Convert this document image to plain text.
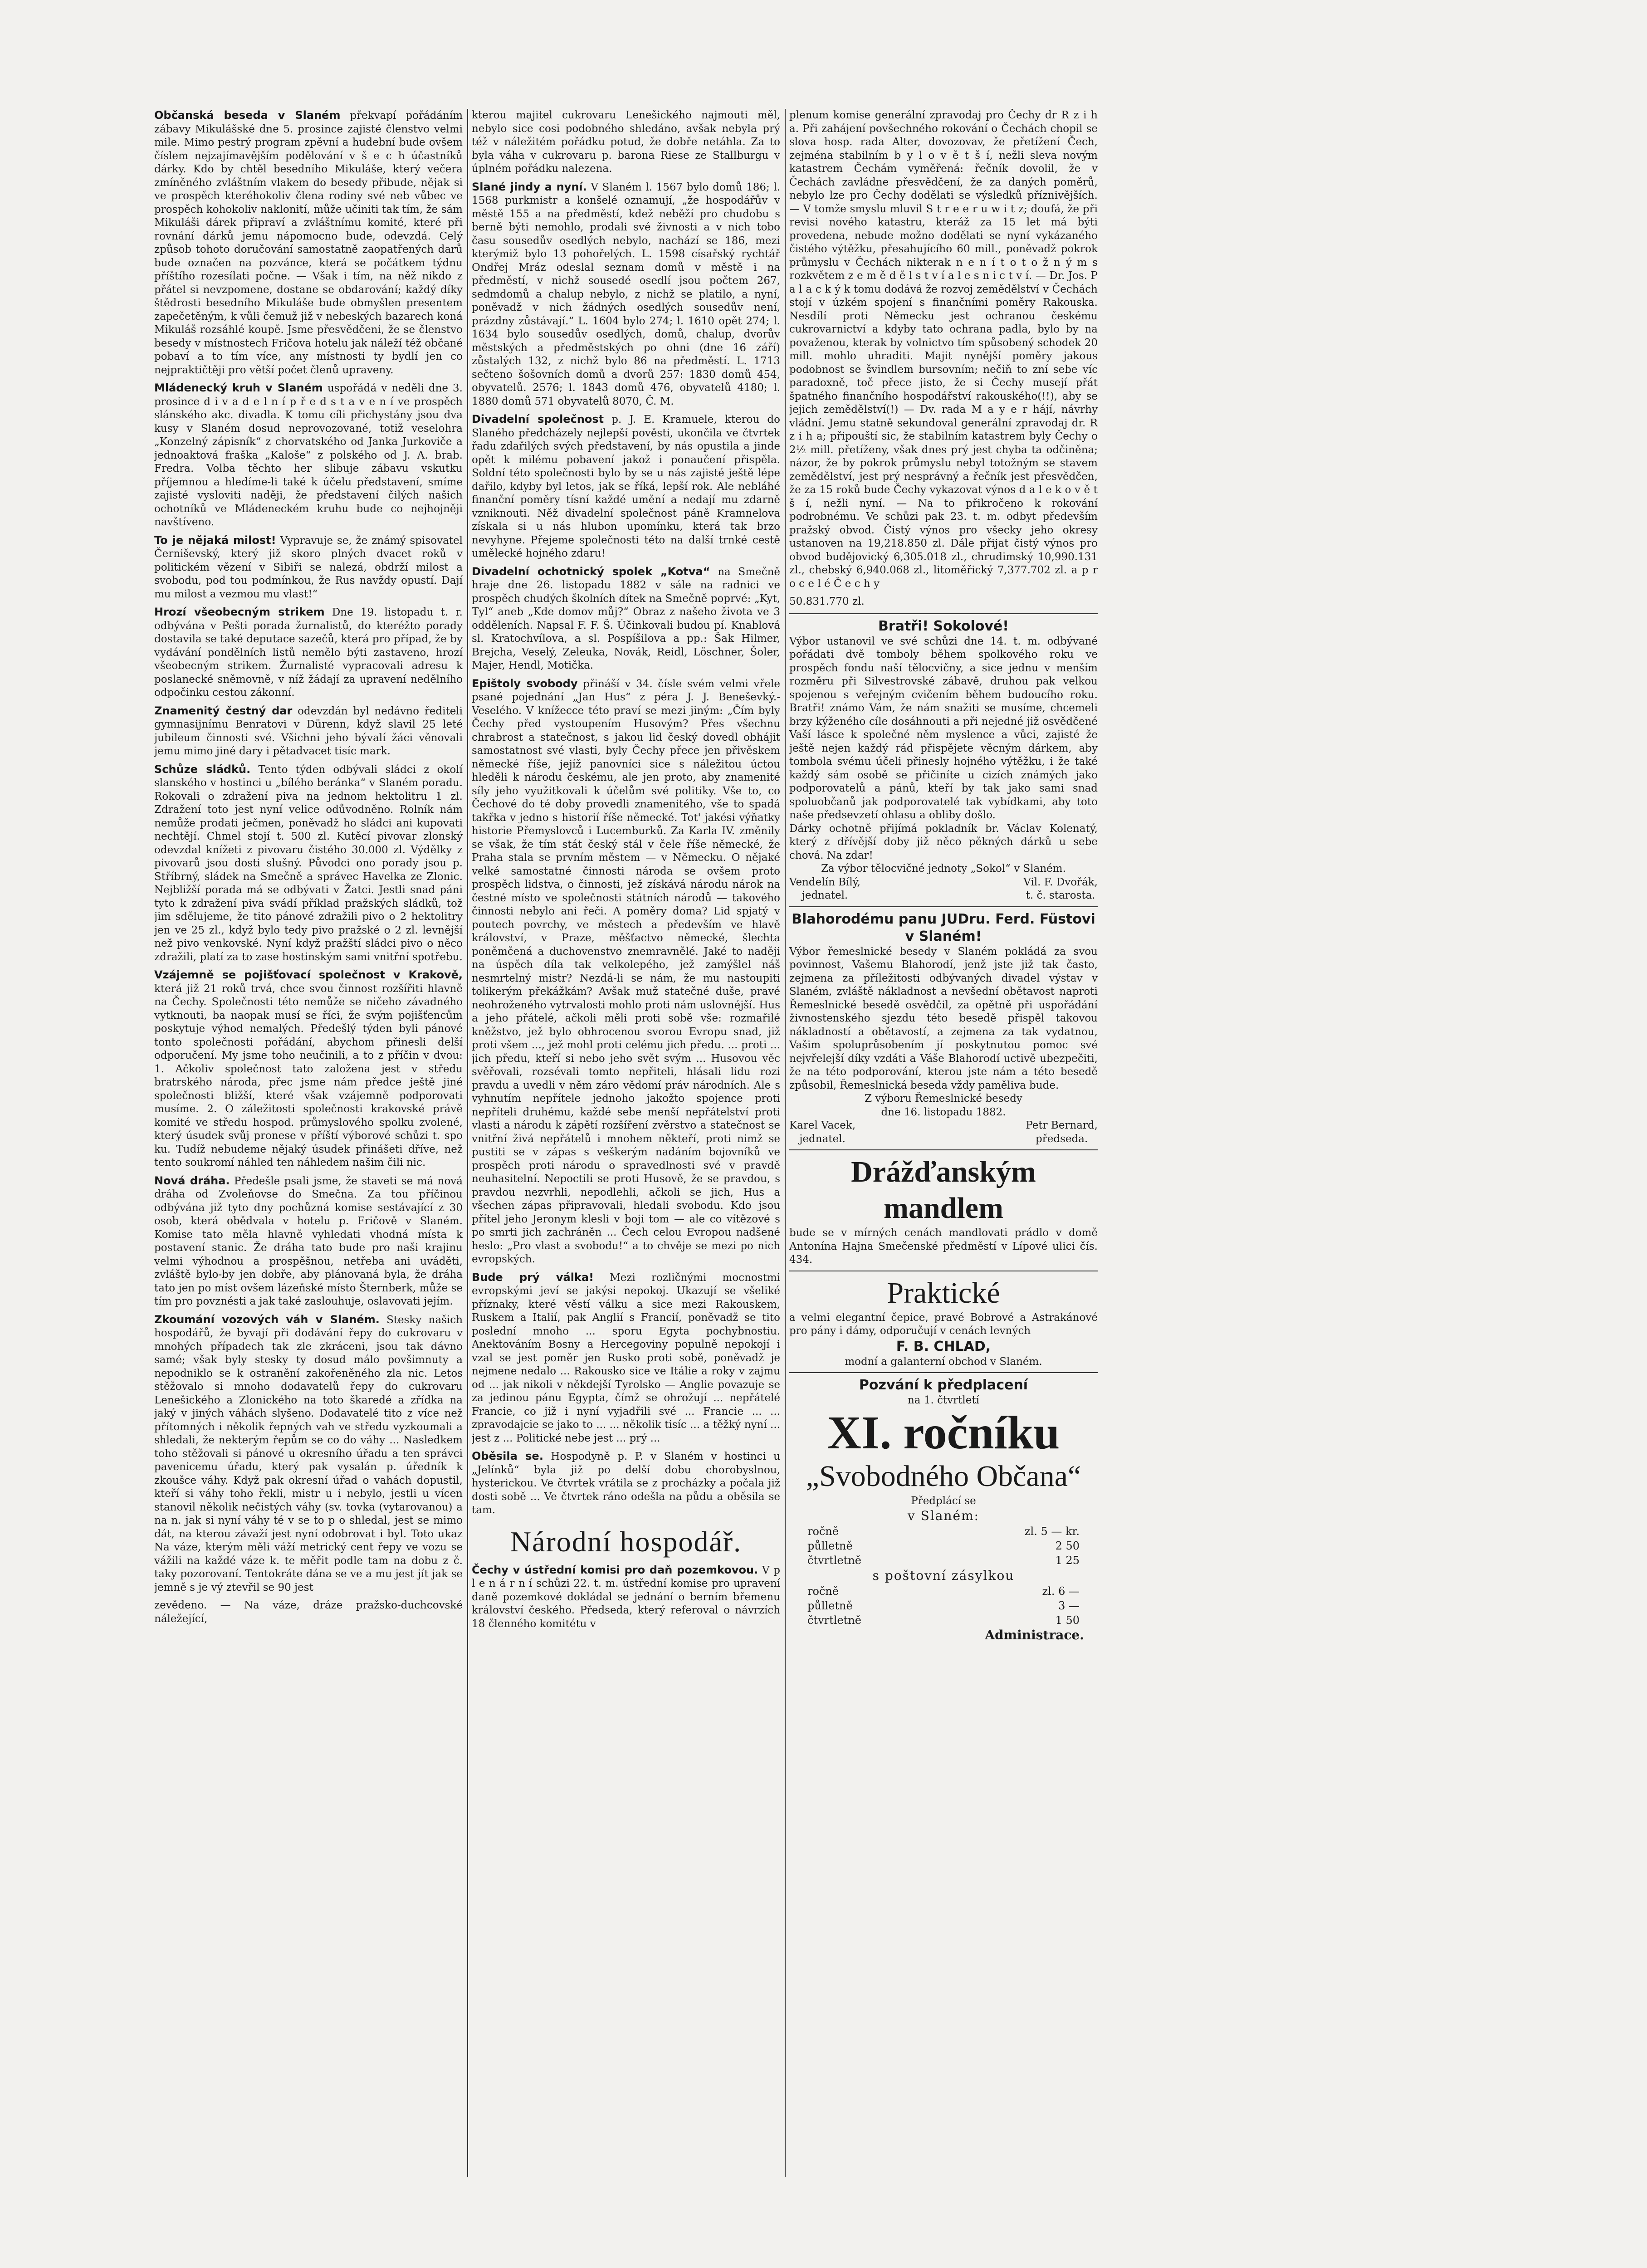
Občanská beseda v Slaném překvapí pořádáním zábavy Mikulášské dne 5. prosince zajisté členstvo velmi mile. Mimo pestrý program zpěvní a hudební bude ovšem číslem nejzajímavějším podělování v š e c h účastníků dárky. Kdo by chtěl besedního Mikuláše, který večera zmíněného zvláštním vlakem do besedy přibude, nějak si ve prospěch kteréhokoliv člena rodiny své neb vůbec ve prospěch kohokoliv naklonití, může učiniti tak tím, že sám Mikuláši dárek připraví a zvláštnímu komité, které při rovnání dárků jemu nápomocno bude, odevzdá. Celý způsob tohoto doručování samostatně zaopatřených darů bude označen na pozvánce, která se počátkem týdnu příštího rozesílati počne. — Však i tím, na něž nikdo z přátel si nevzpomene, dostane se obdarování; každý díky štědrosti besedního Mikuláše bude obmyšlen presentem zapečetěným, k vůli čemuž již v nebeských bazarech koná Mikuláš rozsáhlé koupě. Jsme přesvědčeni, že se členstvo besedy v místnostech Fričova hotelu jak náleží též občané pobaví a to tím více, any místnosti ty bydlí jen co nejpraktičtěji pro větší počet členů upraveny.

Mládenecký kruh v Slaném uspořádá v neděli dne 3. prosince d i v a d e l n í p ř e d s t a v e n í ve prospěch slánského akc. divadla. K tomu cíli přichystány jsou dva kusy v Slaném dosud neprovozované, totiž veselohra „Konzelný zápisník“ z chorvatského od Janka Jurkoviče a jednoaktová fraška „Kaloše“ z polského od J. A. brab. Fredra. Volba těchto her slibuje zábavu vskutku příjemnou a hledíme-li také k účelu představení, smíme zajisté vysloviti naději, že představení čilých našich ochotníků ve Mládeneckém kruhu bude co nejhojněji navštíveno.

To je nějaká milost! Vypravuje se, že známý spisovatel Černiševský, který již skoro plných dvacet roků v politickém vězení v Sibiři se nalezá, obdrží milost a svobodu, pod tou podmínkou, že Rus navždy opustí. Dají mu milost a vezmou mu vlast!“

Hrozí všeobecným strikem Dne 19. listopadu t. r. odbývána v Pešti porada žurnalistů, do kteréžto porady dostavila se také deputace sazečů, která pro případ, že by vydávání pondělních listů nemělo býti zastaveno, hrozí všeobecným strikem. Žurnalisté vypracovali adresu k poslanecké sněmovně, v níž žádají za upravení nedělního odpočinku cestou zákonní.

Znamenitý čestný dar odevzdán byl nedávno řediteli gymnasijnímu Benratovi v Dürenn, když slavil 25 leté jubileum činnosti své. Všichni jeho bývalí žáci věnovali jemu mimo jiné dary i pětadvacet tisíc mark.

Schůze sládků. Tento týden odbývali sládci z okolí slanského v hostinci u „bílého beránka“ v Slaném poradu. Rokovali o zdražení piva na jednom hektolitru 1 zl. Zdražení toto jest nyní velice odůvodněno. Rolník nám nemůže prodati ječmen, poněvadž ho sládci ani kupovati nechtějí. Chmel stojí t. 500 zl. Kutěcí pivovar zlonský odevzdal knížeti z pivovaru čistého 30.000 zl. Výdělky z pivovarů jsou dosti slušný. Původci ono porady jsou p. Stříbrný, sládek na Smečně a správec Havelka ze Zlonic. Nejbližší porada má se odbývati v Žatci. Jestli snad páni tyto k zdražení piva svádí příklad pražských sládků, tož jim sdělujeme, že tito pánové zdražili pivo o 2 hektolitry jen ve 25 zl., když bylo tedy pivo pražské o 2 zl. levnější než pivo venkovské. Nyní když pražští sládci pivo o něco zdražili, platí za to zase hostinským sami vnitřní spotřebu.

Vzájemně se pojišťovací společnost v Krakově, která již 21 roků trvá, chce svou činnost rozšířiti hlavně na Čechy. Společnosti této nemůže se ničeho závadného vytknouti, ba naopak musí se říci, že svým pojišťencům poskytuje výhod nemalých. Předešlý týden byli pánové tonto společnosti pořádání, abychom přinesli delší odporučení. My jsme toho neučinili, a to z příčin v dvou: 1. Ačkoliv společnost tato založena jest v středu bratrského národa, přec jsme nám předce ještě jiné společnosti bližší, které však vzájemně podporovati musíme. 2. O záležitosti společnosti krakovské právě komité ve středu hospod. průmyslového spolku zvolené, který úsudek svůj pronese v příští výborové schůzi t. spo ku. Tudíž nebudeme nějaký úsudek přinášeti dříve, než tento soukromí náhled ten náhledem našim čili nic.

Nová dráha. Předešle psali jsme, že staveti se má nová dráha od Zvoleňovse do Smečna. Za tou příčinou odbývána již tyto dny pochůzná komise sestávající z 30 osob, která obědvala v hotelu p. Fričově v Slaném. Komise tato měla hlavně vyhledati vhodná místa k postavení stanic. Že dráha tato bude pro naši krajinu velmi výhodnou a prospěšnou, netřeba ani uváděti, zvláště bylo-by jen dobře, aby plánovaná byla, že dráha tato jen po míst ovšem lázeňské místo Šternberk, může se tím pro povznésti a jak také zaslouhuje, oslavovati jejím.

Zkoumání vozových váh v Slaném. Stesky našich hospodářů, že byvají při dodávání řepy do cukrovaru v mnohých případech tak zle zkráceni, jsou tak dávno samé; však byly stesky ty dosud málo povšimnuty a nepodniklo se k ostranění zakořeněného zla nic. Letos stěžovalo si mnoho dodavatelů řepy do cukrovaru Lenešického a Zlonického na toto škaredé a zřídka na jaký v jiných váhách slyšeno. Dodavatelé tito z více než přítomných i několik řepných vah ve středu vyzkoumali a shledali, že nekterým řepům se co do váhy ... Nasledkem toho stěžovali si pánové u okresního úřadu a ten správci pavenicemu úřadu, který pak vysalán p. úředník k zkoušce váhy. Když pak okresní úřad o vahách dopustil, kteří si váhy toho řekli, mistr u i nebylo, jestli u vícen stanovil několik nečistých váhy (sv. tovka (vytarovanou) a na n. jak si nyní váhy té v se to p o shledal, jest se mimo dát, na kterou závaží jest nyní odobrovat i byl. Toto ukaz Na váze, kterým měli váží metrický cent řepy ve vozu se vážili na každé váze k. te měřit podle tam na dobu z č. taky pozorovaní. Tentokráte dána se ve a mu jest jít jak se jemně s je vý ztevřil se 90 jest

zevědeno. — Na váze, dráze pražsko-duchcovské náležející,

kterou majitel cukrovaru Lenešického najmouti měl, nebylo sice cosi podobného shledáno, avšak nebyla prý též v náležitém pořádku potud, že dobře netáhla. Za to byla váha v cukrovaru p. barona Riese ze Stallburgu v úplném pořádku nalezena.

Slané jindy a nyní. V Slaném l. 1567 bylo domů 186; l. 1568 purkmistr a konšelé oznamují, „že hospodářův v městě 155 a na předměstí, kdež neběží pro chudobu s berně býti nemohlo, prodali své živnosti a v nich tobo času sousedův osedlých nebylo, nachází se 186, mezi kterýmiž bylo 13 pohořelých. L. 1598 císařský rychtář Ondřej Mráz odeslal seznam domů v městě i na předměstí, v nichž sousedé osedlí jsou počtem 267, sedmdomů a chalup nebylo, z nichž se platilo, a nyní, poněvadž v nich žádných osedlých sousedův není, prázdny zůstávají.“ L. 1604 bylo 274; l. 1610 opět 274; l. 1634 bylo sousedův osedlých, domů, chalup, dvorův městských a předměstských po ohni (dne 16 září) zůstalých 132, z nichž bylo 86 na předměstí. L. 1713 sečteno šošovních domů a dvorů 257: 1830 domů 454, obyvatelů. 2576; l. 1843 domů 476, obyvatelů 4180; l. 1880 domů 571 obyvatelů 8070, Č. M.

Divadelní společnost p. J. E. Kramuele, kterou do Slaného předcházely nejlepší pověsti, ukončila ve čtvrtek řadu zdařilých svých představení, by nás opustila a jinde opět k milému pobavení jakož i ponaučení přispěla. Soldní této společnosti bylo by se u nás zajisté ještě lépe dařilo, kdyby byl letos, jak se říká, lepší rok. Ale nebláhé finanční poměry tísní každé umění a nedají mu zdarně vzniknouti. Něž divadelní společnost páně Kramnelova získala si u nás hlubon upomínku, která tak brzo nevyhyne. Přejeme společnosti této na další trnké cestě umělecké hojného zdaru!

Divadelní ochotnický spolek „Kotva“ na Smečně hraje dne 26. listopadu 1882 v sále na radnici ve prospěch chudých školních dítek na Smečně poprvé: „Kyt, Tyl“ aneb „Kde domov můj?“ Obraz z našeho života ve 3 odděleních. Napsal F. F. Š. Účinkovali budou pí. Knablová sl. Kratochvílova, a sl. Pospíšilova a pp.: Šak Hilmer, Brejcha, Veselý, Zeleuka, Novák, Reidl, Löschner, Šoler, Majer, Hendl, Motička.

Epištoly svobody přináší v 34. čísle svém velmi vřele psané pojednání „Jan Hus“ z péra J. J. Beneševký.-Veselého. V knížecce této praví se mezi jiným: „Čím byly Čechy před vystoupením Husovým? Přes všechnu chrabrost a statečnost, s jakou lid český dovedl obhájit samostatnost své vlasti, byly Čechy přece jen přivěskem německé říše, jejíž panovníci sice s náležitou úctou hleděli k národu českému, ale jen proto, aby znamenité síly jeho využitkovali k účelům své politiky. Vše to, co Čechové do té doby provedli znamenitého, vše to spadá takřka v jedno s historií říše německé. Tot' jakési výňatky historie Přemyslovců i Lucemburků. Za Karla IV. změnily se však, že tím stát český stál v čele říše německé, že Praha stala se prvním městem — v Německu. O nějaké velké samostatné činnosti národa se ovšem proto prospěch lidstva, o činnosti, jež získává národu nárok na čestné místo ve společnosti státních národů — takového činnosti nebylo ani řeči. A poměry doma? Lid spjatý v poutech povrchy, ve městech a především ve hlavě království, v Praze, měšťactvo německé, šlechta poněmčená a duchovenstvo znemravnělé. Jaké to naději na úspěch díla tak velkolepého, jež zamýšlel náš nesmrtelný mistr? Nezdá-li se nám, že mu nastoupiti tolikerým překážkám? Avšak muž statečné duše, pravé neohroženého vytrvalosti mohlo proti nám uslovnéjší. Hus a jeho přátelé, ačkoli měli proti sobě vše: rozmařilé kněžstvo, jež bylo obhrocenou svorou Evropu snad, již proti všem ..., jež mohl proti celému jich předu. ... proti ... jich předu, kteří si nebo jeho svět svým ... Husovou věc svěřovali, rozsévali tomto nepřiteli, hlásali lidu rozi pravdu a uvedli v něm záro vědomí práv národních. Ale s vyhnutím nepřítele jednoho jakožto spojence proti nepříteli druhému, každé sebe menší nepřátelství proti vlasti a národu k zápětí rozšíření zvěrstvo a statečnost se vnitřní živá nepřátelů i mnohem někteří, proti nimž se pustiti se v zápas s veškerým nadáním bojovníků ve prospěch proti národu o spravedlnosti své v pravdě neuhasitelní. Nepoctili se proti Husově, že se pravdou, s pravdou nezvrhli, nepodlehli, ačkoli se jich, Hus a všechen zápas připravovali, hledali svobodu. Kdo jsou přítel jeho Jeronym klesli v boji tom — ale co vítězové s po smrti jich zachráněn ... Čech celou Evropou nadšené heslo: „Pro vlast a svobodu!“ a to chvěje se mezi po nich evropských.

Bude prý válka! Mezi rozličnými mocnostmi evropskými jeví se jakýsi nepokoj. Ukazují se všeliké příznaky, které věstí válku a sice mezi Rakouskem, Ruskem a Italií, pak Anglií s Francií, poněvadž se tito poslední mnoho ... sporu Egyta pochybnostiu. Anektováním Bosny a Hercegoviny populně nepokojí i vzal se jest poměr jen Rusko proti sobě, poněvadž je nejmene nedalo ... Rakousko sice ve Itálie a roky v zajmu od ... jak nikoli v někdejší Tyrolsko — Anglie povazuje se za jedinou pánu Egypta, čímž se ohrožují ... nepřátelé Francie, co již i nyní vyjadřili své ... Francie ... ... zpravodajcie se jako to ... ... několik tisíc ... a těžký nyní ... jest z ... Politické nebe jest ... prý ...

Oběsila se. Hospodyně p. P. v Slaném v hostinci u „Jelínků“ byla již po delší dobu chorobyslnou, hysterickou. Ve čtvrtek vrátila se z procházky a počala již dosti sobě ... Ve čtvrtek ráno odešla na půdu a oběsila se tam.

Národní hospodář.

Čechy v ústřední komisi pro daň pozemkovou. V p l e n á r n í schůzi 22. t. m. ústřední komise pro upravení daně pozemkové dokládal se jednání o berním břemenu království českého. Předseda, který referoval o návrzích 18 členného komitétu v

plenum komise generální zpravodaj pro Čechy dr R z i h a. Při zahájení povšechného rokování o Čechách chopil se slova hosp. rada Alter, dovozovav, že přetížení Čech, zejména stabilním b y l o v ě t š í, nežli sleva novým katastrem Čechám vyměřená: řečník dovolil, že v Čechách zavládne přesvědčení, že za daných poměrů, nebylo lze pro Čechy dodělati se výsledků příznivějších. — V tomže smyslu mluvil S t r e e r u w i t z; doufá, že při revisi nového katastru, kteráž za 15 let má býti provedena, nebude možno dodělati se nyní vykázaného čistého výtěžku, přesahujícího 60 mill., poněvadž pokrok průmyslu v Čechách nikterak n e n í t o t o ž n ý m s rozkvětem z e m ě d ě l s t v í a l e s n i c t v í. — Dr. Jos. P a l a c k ý k tomu dodává že rozvoj zemědělství v Čechách stojí v úzkém spojení s finančními poměry Rakouska. Nesdílí proti Německu jest ochranou českému cukrovarnictví a kdyby tato ochrana padla, bylo by na považenou, kterak by volnictvo tím spůsobený schodek 20 mill. mohlo uhraditi. Majit nynější poměry jakous podobnost se švindlem bursovním; nečiň to zní sebe víc paradoxně, toč přece jisto, že si Čechy musejí přát špatného finančního hospodářství rakouského(!!), aby se jejich zemědělství(!) — Dv. rada M a y e r hájí, návrhy vládní. Jemu statně sekundoval generální zpravodaj dr. R z i h a; připouští sic, že stabilním katastrem byly Čechy o 2½ mill. přetíženy, však dnes prý jest chyba ta odčiněna; názor, že by pokrok průmyslu nebyl totožným se stavem zemědělství, jest prý nesprávný a řečník jest přesvědčen, že za 15 roků bude Čechy vykazovat výnos d a l e k o v ě t š í, nežli nyní. — Na to přikročeno k rokování podrobnému. Ve schůzi pak 23. t. m. odbyt především pražský obvod. Čistý výnos pro všecky jeho okresy ustanoven na 19,218.850 zl. Dále přijat čistý výnos pro obvod budějovický 6,305.018 zl., chrudimský 10,990.131 zl., chebský 6,940.068 zl., litoměřický 7,377.702 zl. a p r o c e l é Č e c h y

50.831.770 zl.

Bratři! Sokolové!
Výbor ustanovil ve své schůzi dne 14. t. m. odbývané pořádati dvě tomboly během spolkového roku ve prospěch fondu naší tělocvičny, a sice jednu v menším rozměru při Silvestrovské zábavě, druhou pak velkou spojenou s veřejným cvičením během budoucího roku. Bratři! známo Vám, že nám snažiti se musíme, chcemeli brzy kýženého cíle dosáhnouti a při nejedné již osvědčené Vaší lásce k společné něm myslence a vůci, zajisté že ještě nejen každý rád přispějete věcným dárkem, aby tombola svému účeli přinesly hojného výtěžku, i že také každý sám osobě se přičiníte u cizích známých jako podporovatelů a pánů, kteří by tak jako sami snad spoluobčanů jak podporovatelé tak vybídkami, aby toto naše předsevzetí ohlasu a obliby došlo.
Dárky ochotně přijímá pokladník br. Václav Kolenatý, který z dřívější doby již něco pěkných dárků u sebe chová. Na zdar!
Za výbor tělocvičné jednoty „Sokol“ v Slaném.
Vendelín Bílý,
jednatel.
Vil. F. Dvořák,
t. č. starosta.
Blahorodému panu JUDru. Ferd. Füstovi v Slaném!
Výbor řemeslnické besedy v Slaném pokládá za svou povinnost, Vašemu Blahorodí, jenž jste již tak často, zejmena za příležitosti odbývaných divadel výstav v Slaném, zvláště nákladnost a nevšední obětavost naproti Řemeslnické besedě osvědčil, za opětně při uspořádání živnostenského sjezdu této besedě přispěl takovou nákladností a obětavostí, a zejmena za tak vydatnou, Vašim spoluprůsobením jí poskytnutou pomoc své nejvřelejší díky vzdáti a Váše Blahorodí uctivě ubezpečiti, že na této podporování, kterou jste nám a této besedě způsobil, Řemeslnická beseda vždy paměliva bude.
Z výboru Řemeslnické besedy
dne 16. listopadu 1882.
Karel Vacek,
jednatel.
Petr Bernard,
předseda.
Drážďanským mandlem
bude se v mírných cenách mandlovati prádlo v domě Antonína Hajna Smečenské předměstí v Lípové ulici čís. 434.
Praktické
a velmi elegantní čepice, pravé Bobrové a Astrakánové pro pány i dámy, odporučují v cenách levných
F. B. CHLAD,
modní a galanterní obchod v Slaném.
Pozvání k předplacení
na 1. čtvrtletí
XI. ročníku
„Svobodného Občana“
Předplácí se
v Slaném:
ročně	zl. 5 — kr.
půlletně	2 50
čtvrtletně	1 25
s poštovní zásylkou
ročně	zl. 6 —
půlletně	3 —
čtvrtletně	1 50
Administrace.
